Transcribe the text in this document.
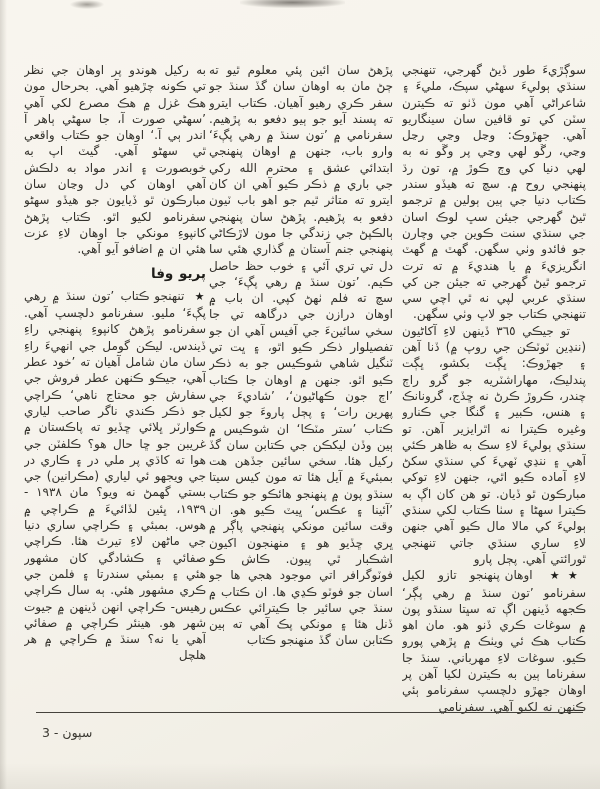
سوڳڙيءَ طور ڏيڻ گهرجي، تنهنجي سنڌي ٻوليءَ سهڻي سپڪ، مليءَ ۽ شاعراڻي آهي مون ڏٺو ته ڪيترن سٽن کي تو قافين سان سينگاريو آهي. جهڙوڪ: وڃل وڃي رڃل وڃي، رڱو لهي وڃي پر وڱو نه به لهي دنيا کي وڄ ڪوڙ ۾، تون رڌ پنهنجي روح ۾. سچ ته هيڏو سندر ڪتاب دنيا جي ٻين ٻولين ۾ ترجمو ٿيڻ گهرجي جيئن سڀ لوڪ اسان جي سنڌي سنت ڪوين جي وچارن جو فائدو وٺي سگهن. گهٽ ۾ گهٽ انگريزيءَ ۾ يا هنديءَ ۾ ته ترت ترجمو ٿيڻ گهرجي ته جيئن جن کي سنڌي عربي لپي نه ٿي اچي سي تنهنجي ڪتاب جو لاڀ وٺي سگهن.

تو جيڪي ٣٦٥ ڏينهن لاءِ آکاڻيون (ننڍين ٽوٽڪن جي روپ ۾) ڏنا آهن ۽ جهڙوڪ: ڀڳت بکشو، ڀڳت پندليڪ، مهاراشٽريه جو گرو راڄ چندر، ڪروڙ ڪرڻ نه ڇڏج، گرونانڪ ۽ هنس، ڪبير ۽ گنگا جي ڪنارو وغيره ڪيترا نه اٿرايزير آهن. تو سنڌي ٻوليءَ لاءِ سڪ به ظاهر ڪئي آهي ۽ ننڍي ٽهيءَ کي سنڌي سکڻ لاءِ آماده ڪيو اٿي، جنهن لاءِ توکي مبارڪون ٿو ڏيان. تو هن کان اڳ به ڪيترا سهڻا ۽ سٺا ڪتاب لکي سنڌي ٻوليءَ کي مالا مال ڪيو آهي جنهن لاءِ ساري سنڌي جاتي تنهنجي ٿورائتي آهي. پڄل پارو

★★ اوهان پنهنجو تازو لکيل سفرنامو ’تون سنڌ ۾ رهي پڳر‘ ڪجهه ڏينهن اڳ ته سڀتا سنڌو پون ۾ سوغات ڪري ڏنو هو. مان اهو ڪتاب هڪ ئي ويٺڪ ۾ پڙهي پورو ڪيو. سوغات لاءِ مهرباني. سنڌ جا سفرناما ٻين به ڪيترن لکيا آهن پر اوهان جهڙو دلچسپ سفرنامو ٻئي ڪنهن نه لکيو آهي. سفرنامي

پڙهڻ سان ائين پئي معلوم ٿيو ته ڄڻ مان به اوهان سان گڏ سنڌ جو سفر ڪري رهيو آهيان. ڪتاب ايترو ته پسند آيو جو ٻيو دفعو به پڙهيم. سفرنامي ۾ ’تون سنڌ ۾ رهي پڳءَ‘ وارو باب، جنهن ۾ اوهان پنهنجي ابتدائي عشق ۽ محترم الله رکي جي باري ۾ ذڪر ڪيو آهي ان کان ايترو ته متاثر ٿيم جو اهو باب ٽيون دفعو به پڙهيم. پڙهڻ سان پنهنجي ٻالڪپڻ جي زندگي جا مون لاڙڪاڻي پنهنجي جنم آستان ۾ گذاري هئي سا دل تي تري آئي ۽ خوب حظ حاصل ڪيم. ’تون سنڌ ۾ رهي پڳءَ‘ جي سچ ته فلم ٺهڻ کپي. ان باب ۾ اوهان درازن جي درگاهه تي جا سخي سائينءَ جي آفيس آهي ان جو تفصيلوار ذڪر ڪيو اٿو، ۽ ڀت تي ٽنگيل شاهي شوڪيس جو به ذڪر ڪيو اٿو. جنهن ۾ اوهان جا ڪتاب ’اڄ جون ڪهاڻيون‘، ’شاديءَ جي پهرين رات‘ ۽ پڄل پاروءَ جو لکيل ڪتاب ’ستر مٽڪا‘ ان شوڪيس ۾ ٻين وڏن ليکڪن جي ڪتابن سان گڏ رکيل هئا. سخي سائين جڏهن هت بمبئيءَ ۾ آيل هئا ته مون کيس سيتا سنڌو پون ۾ پنهنجو هائڪو جو ڪتاب ’آئينا ۽ عڪس‘ ڀيٽ ڪيو هو. ان وقت سائين مونکي پنهنجي پاڳر ۾ ڀري ڇڏيو هو ۽ منهنجون اکيون اشڪبار ٿي پيون. ڪاش ڪو فوٽوگرافر اتي موجود هجي ها جو اسان جو فوٽو ڪڍي ها. ان ڪتاب ۾ سنڌ جي سائير جا ڪيترائي عڪس ڏنل هئا ۽ مونکي پڪ آهي ته ٻين ڪتابن سان گڏ منهنجو ڪتاب

به رکيل هوندو پر اوهان جي نظر تي ڪونه چڙهيو آهي. بحرحال مون هڪ غزل ۾ هڪ مصرع لکي آهي ’سهڻي صورت آ، جا سهڻي ٻاهر آ اندر ٻي آ.‘ اوهان جو ڪتاب واقعي ٿي سهڻو آهي. گيٽ اپ به خوبصورت ۽ اندر مواد به دلڪش آهي اوهان کي دل وڃان سان مبارڪون ٿو ڏيايون جو هيڏو سهڻو سفرنامو لکيو اٿو. ڪتاب پڙهڻ کانپوءِ مونکي جا اوهان لاءِ عزت هئي ان ۾ اضافو آيو آهي.

پريو وفا

★ تنهنجو ڪتاب ’تون سنڌ ۾ رهي پڳءَ‘ مليو. سفرنامو دلچسپ آهي. سفرنامو پڙهڻ کانپوءِ پنهنجي راءِ ڏيندس. ليڪن گومل جي انهيءَ راءِ سان مان شامل آهيان ته ’خود عطر آهي، جيڪو ڪنهن عطر فروش جي سفارش جو محتاج ناهي‘ ڪراچي جو ذڪر ڪندي ناگر صاحب لياري ڪوارٽر ڀلائي ڇڏيو ته پاڪستان ۾ غريبن جو ڇا حال هو؟ ڪلفٽن جي هوا ته کاڌي پر ملي در ۽ ڪاري در جي ويجهو ئي لياري (مڪرانين) جي بستي گهمڻ نه ويو؟ مان ١٩٣٨ - ١٩٣٩، ڀئين لڏائيءَ ۾ ڪراچي ۾ هوس. بمبئي ۽ ڪراچي ساري دنيا جي ماڻهن لاءِ تيرٿ هئا. ڪراچي صفائي ۽ ڪشادگي کان مشهور هئي ۽ بمبئي سندرتا ۽ فلمن جي ڪري مشهور هئي. ٻه سال ڪراچي رهيس- ڪراچي انهن ڏينهن ۾ جيوت شهر هو. هينئر ڪراچي ۾ صفائي آهي يا نه؟ سنڌ ۾ ڪراچي ۾ هر هلچل

سپون - 3
